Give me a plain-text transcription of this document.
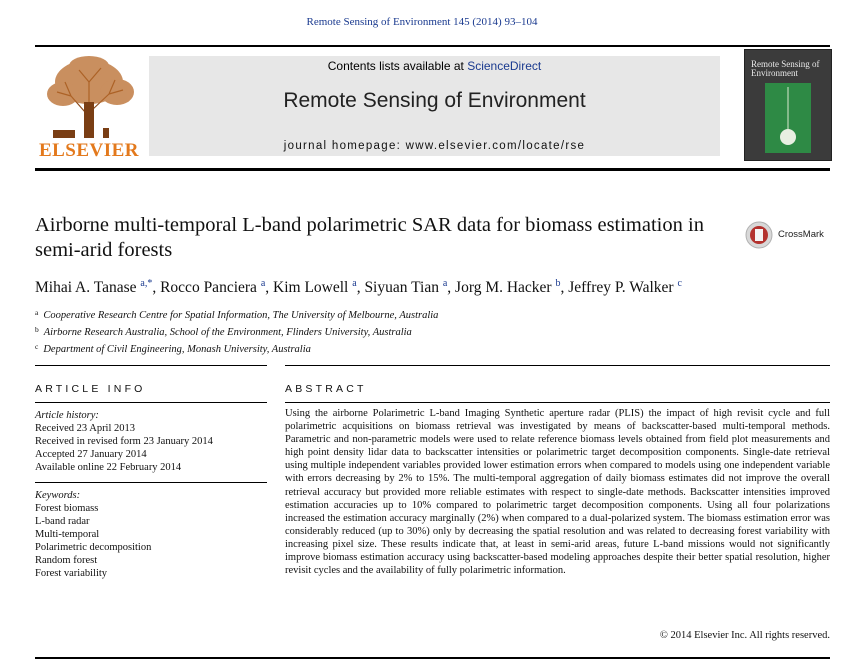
Remote Sensing of Environment 145 (2014) 93–104
ELSEVIER
Contents lists available at ScienceDirect
Remote Sensing of Environment
journal homepage: www.elsevier.com/locate/rse
Remote Sensing of Environment
Airborne multi-temporal L-band polarimetric SAR data for biomass estimation in semi-arid forests
CrossMark
Mihai A. Tanase $^{a,*}$, Rocco Panciera $^a$, Kim Lowell $^a$, Siyuan Tian $^a$, Jorg M. Hacker $^b$, Jeffrey P. Walker $^c$
$^a$ Cooperative Research Centre for Spatial Information, The University of Melbourne, Australia
$^b$ Airborne Research Australia, School of the Environment, Flinders University, Australia
$^c$ Department of Civil Engineering, Monash University, Australia
ARTICLE INFO
Article history:
Received 23 April 2013
Received in revised form 23 January 2014
Accepted 27 January 2014
Available online 22 February 2014
Keywords:
Forest biomass
L-band radar
Multi-temporal
Polarimetric decomposition
Random forest
Forest variability
ABSTRACT

Using the airborne Polarimetric L-band Imaging Synthetic aperture radar (PLIS) the impact of high revisit cycle and full polarimetric acquisitions on biomass retrieval was investigated by means of backscatter-based multi-temporal methods. Parametric and non-parametric models were used to relate reference biomass levels obtained from field plot measurements and high point density lidar data to backscatter intensities or polarimetric target decomposition components. Single-date retrieval using multiple independent variables provided lower estimation errors when compared to models using one independent variable with errors decreasing by 2% to 15%. The multi-temporal aggregation of daily biomass estimates did not improve the overall retrieval accuracy but provided more reliable estimates with respect to single-date methods. Backscatter intensities improved estimation accuracies up to 10% compared to polarimetric target decomposition components. Using all four polarizations increased the estimation accuracy marginally (2%) when compared to a dual-polarized system. The biomass estimation error was considerably reduced (up to 30%) only by decreasing the spatial resolution and was related to decreasing forest variability with increasing pixel size. These results indicate that, at least in semi-arid areas, future L-band missions would not significantly improve biomass estimation accuracy using backscatter-based modeling approaches despite their better spatial resolution, higher revisit cycles and the availability of fully polarimetric information.

© 2014 Elsevier Inc. All rights reserved.
